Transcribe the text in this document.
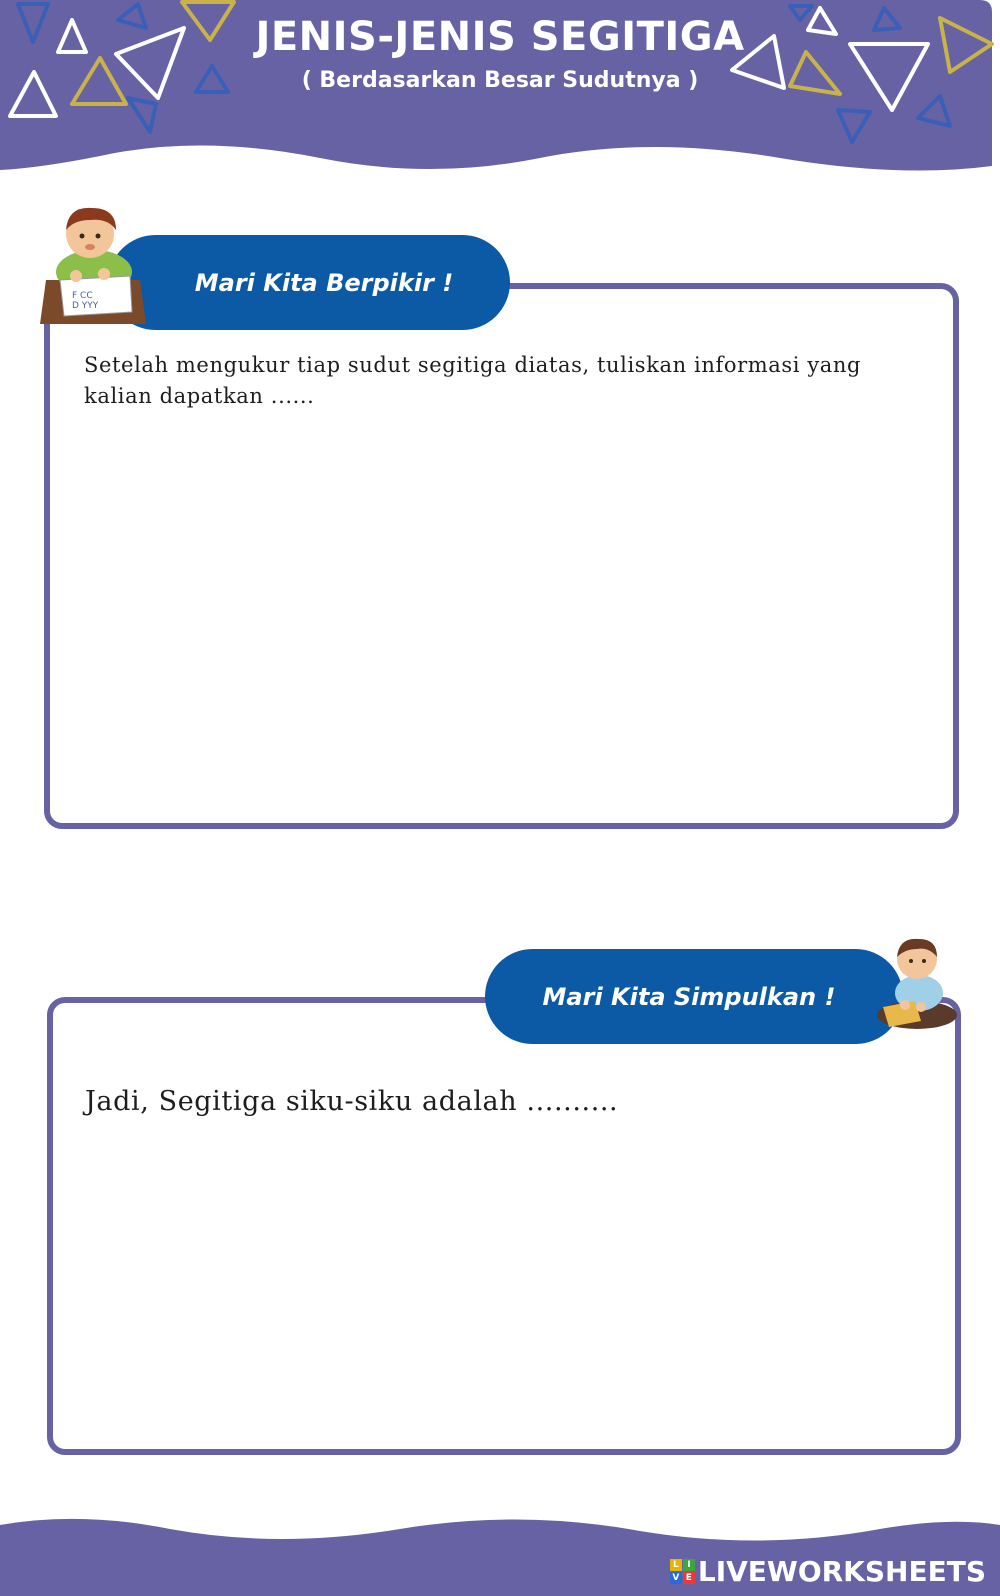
JENIS-JENIS SEGITIGA
( Berdasarkan Besar Sudutnya )
Mari Kita Berpikir !
F CC
D ΥΥΥ
Setelah mengukur tiap sudut segitiga diatas, tuliskan informasi yang kalian dapatkan ......
Mari Kita Simpulkan !
Jadi, Segitiga siku-siku adalah ..........
L I
V E LIVEWORKSHEETS
